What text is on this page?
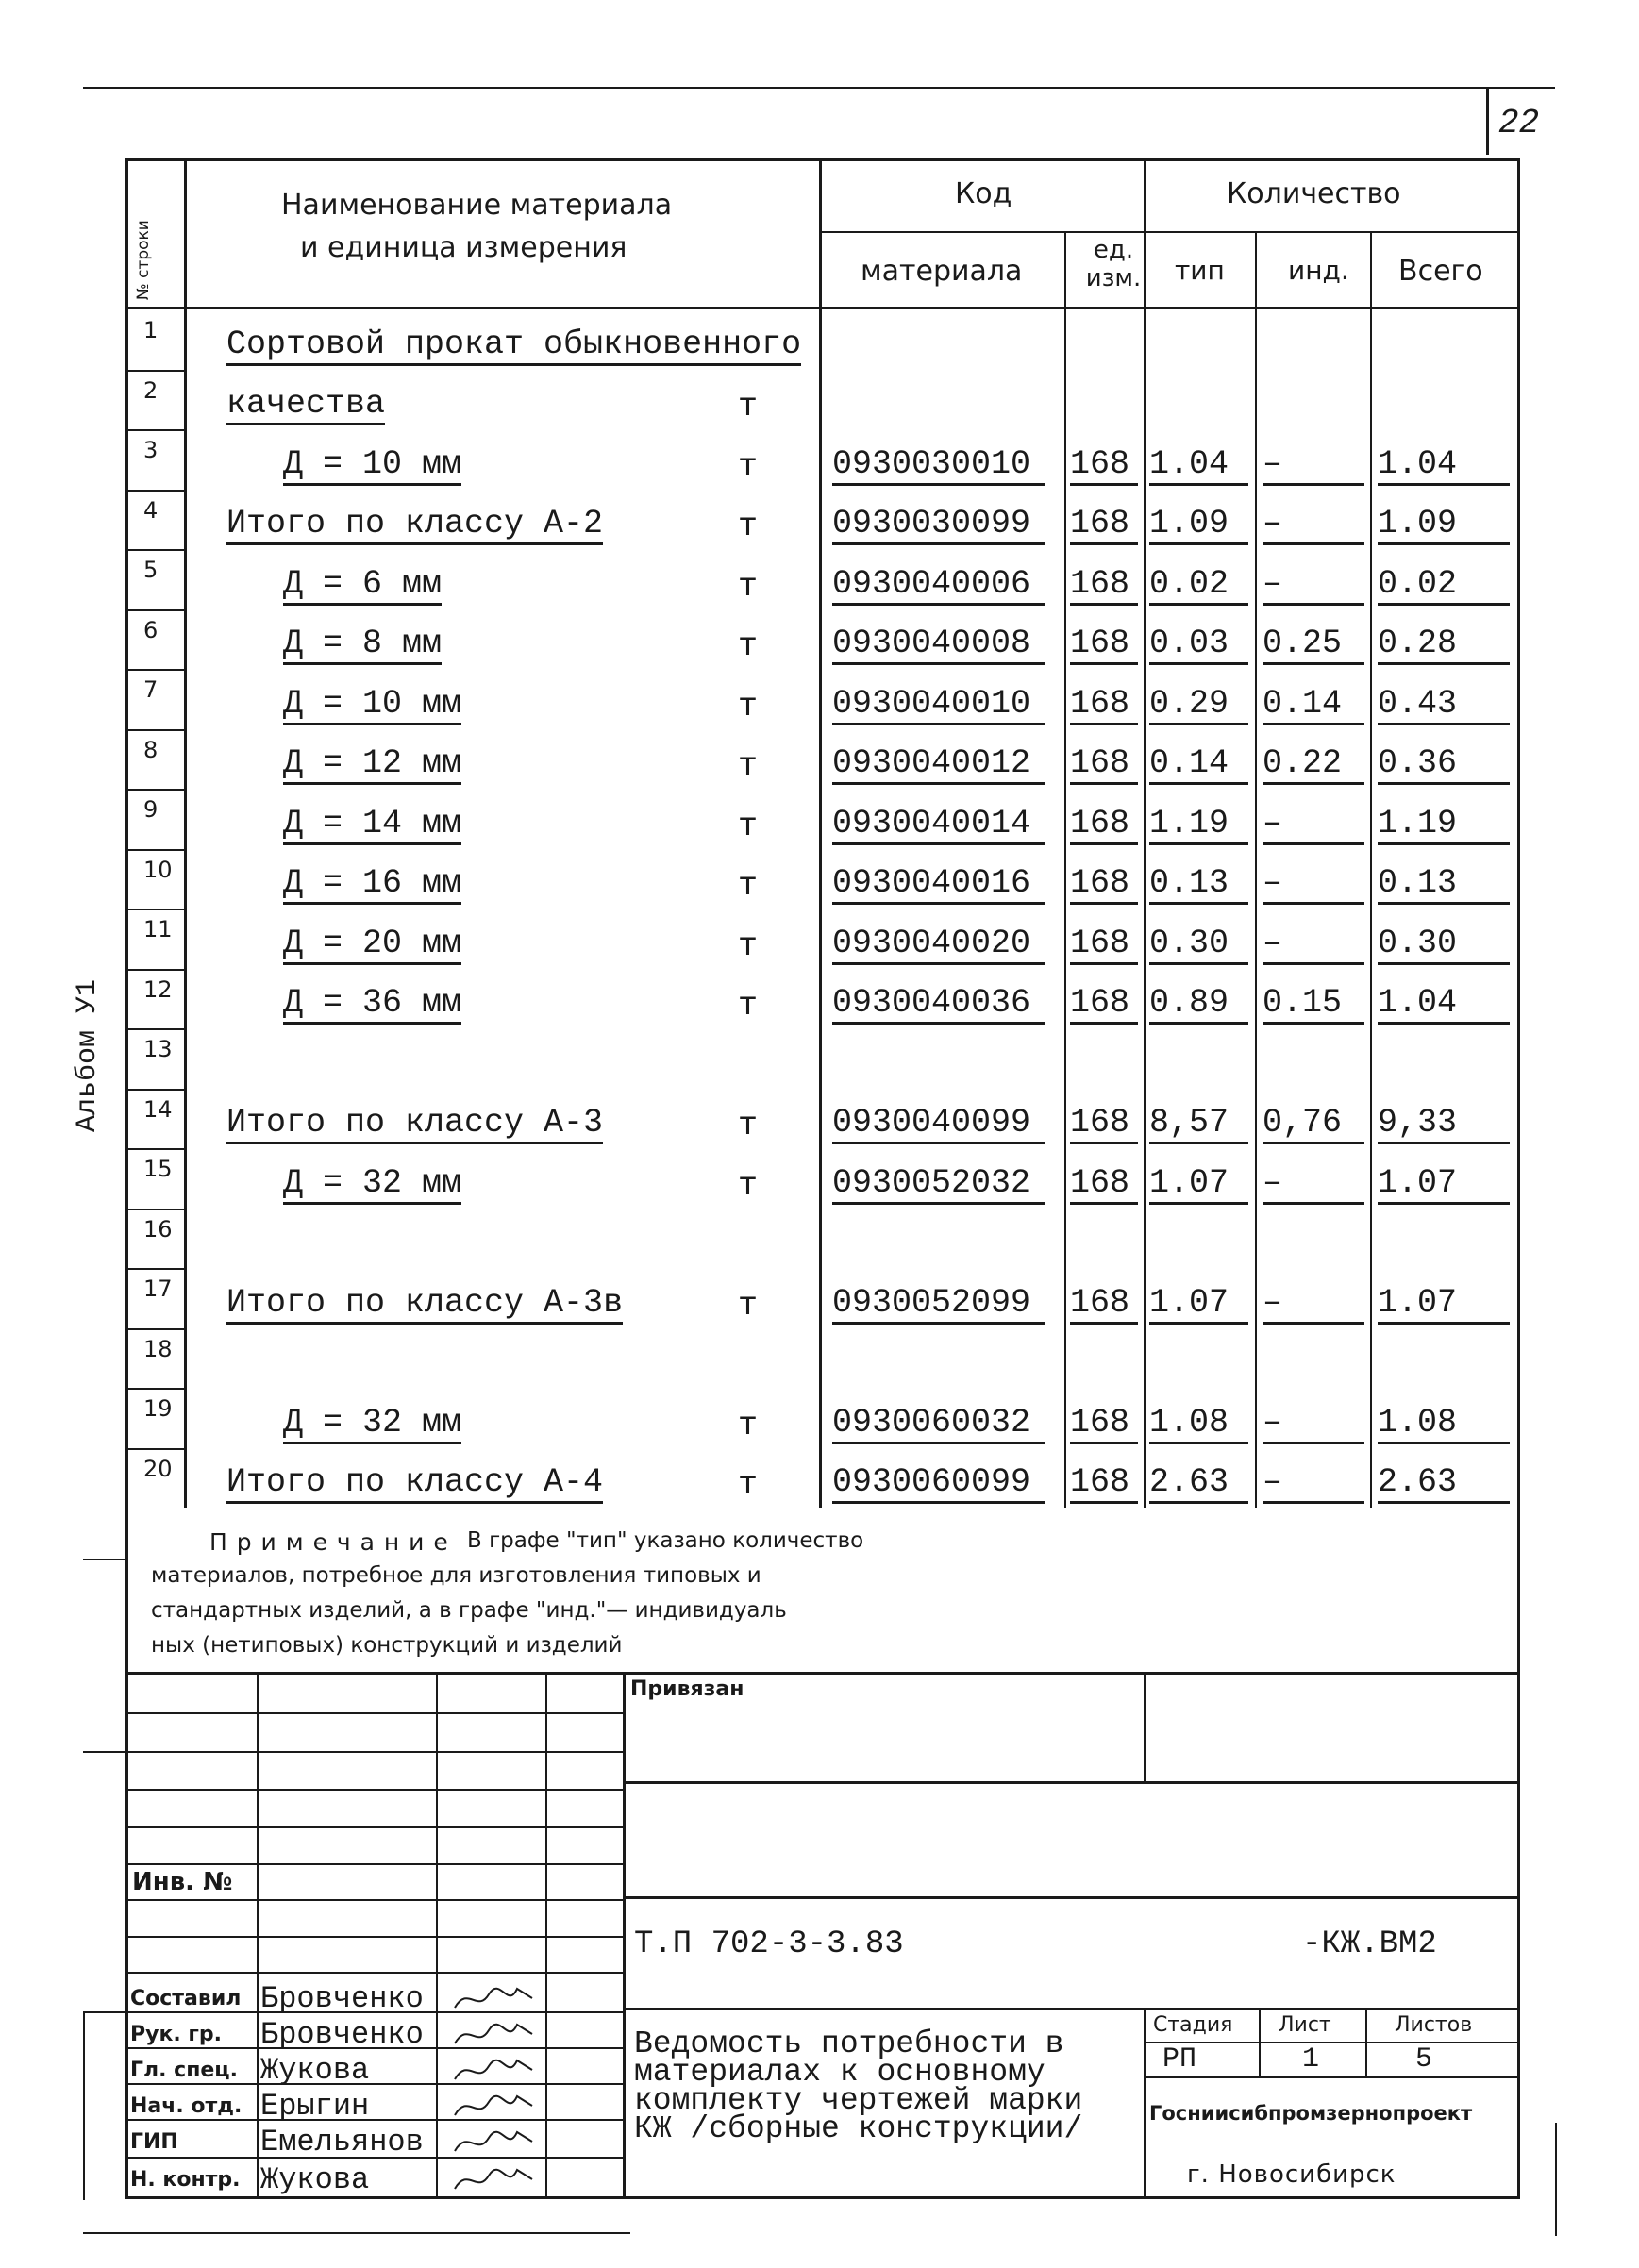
22
Альбом У1
№ строки
Наименование материала
и единица измерения
Код	Количество
материала
ед. изм.	тип инд. Всего
1 Сортовой прокат обыкновенного
2 качества	т
3	Д = 10 мм	т 0930030010	168 1.04	–	1.04
4 Итого по классу А-2	т 0930030099	168 1.09	–	1.09
5	Д = 6 мм	т 0930040006	168 0.02	–	0.02
6	Д = 8 мм	т 0930040008	168 0.03	0.25	0.28
7	Д = 10 мм	т 0930040010	168 0.29	0.14	0.43
8	Д = 12 мм	т 0930040012	168 0.14	0.22	0.36
9	Д = 14 мм	т 0930040014	168 1.19	–	1.19
10	Д = 16 мм	т 0930040016	168 0.13	–	0.13
11	Д = 20 мм	т 0930040020	168 0.30	–	0.30
12	Д = 36 мм	т 0930040036	168 0.89	0.15	1.04
13
14 Итого по классу А-3	т 0930040099	168 8,57	0,76	9,33
15	Д = 32 мм	т 0930052032	168 1.07	–	1.07
16
17 Итого по классу А-3в	т 0930052099	168 1.07	–	1.07
18
19	Д = 32 мм	т 0930060032	168 1.08	–	1.08
20 Итого по классу А-4	т 0930060099	168 2.63	–	2.63
П р и м е ч а н и е В графе "тип" указано количество
материалов, потребное для изготовления типовых и
стандартных изделий, а в графе "инд."— индивидуаль
ных (нетиповых) конструкций и изделий
Привязан
Инв. №
Т.П 702-3-3.83	-КЖ.ВМ2
Ведомость потребности в
материалах к основному
комплекту чертежей марки
КЖ /сборные конструкции/
Стадия Лист	Листов
РП	1	5
Госниисибпромзернопроект
г. Новосибирск
Составил Бровченко
Рук. гр. Бровченко
Гл. спец. Жукова
Нач. отд. Ерыгин
ГИП	Емельянов
Н. контр. Жукова
